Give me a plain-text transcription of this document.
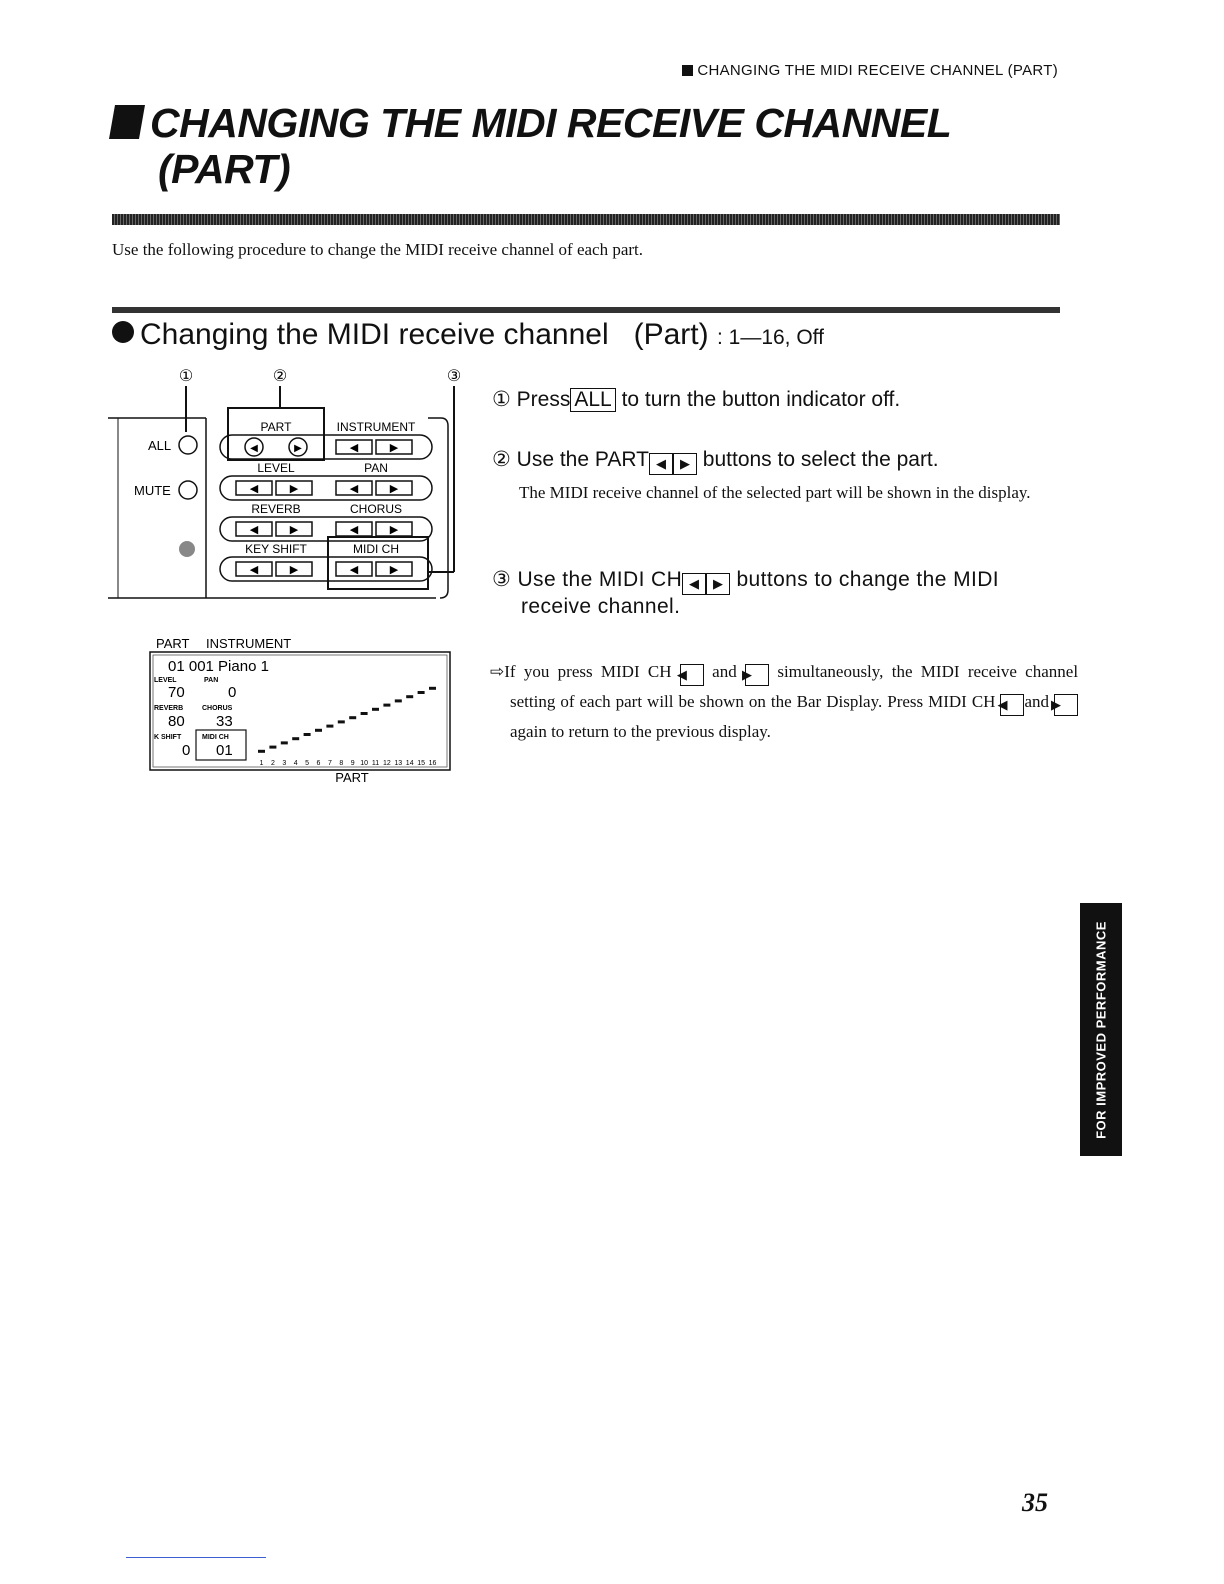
CHANGING THE MIDI RECEIVE CHANNEL (PART)
CHANGING THE MIDI RECEIVE CHANNEL
(PART)
Use the following procedure to change the MIDI receive channel of each part.
Changing the MIDI receive channel (Part) : 1—16, Off
①	②	③
ALL
MUTE
PART	INSTRUMENT
◀	▶	◀	▶
LEVEL	PAN
◀	▶	◀	▶
REVERB	CHORUS
◀	▶	◀	▶
KEY SHIFT	MIDI CH
◀	▶	◀	▶
PART INSTRUMENT
01 001 Piano 1
LEVEL	PAN
70	0
REVERB	CHORUS
80 33
K SHIFT	MIDI CH
0 01
1 2 3 4 5 6 7 8 9 10 11 12 13 14 15 16
PART
① Press ALL to turn the button indicator off.
② Use the PART ◀ ▶ buttons to select the part.
The MIDI receive channel of the selected part will be shown in the display.
③ Use the MIDI CH ◀ ▶ buttons to change the MIDI
receive channel.
⇨If you press MIDI CH ◀ and ▶ simultaneously, the MIDI receive channel setting of each part will be shown on the Bar Display. Press MIDI CH ◀ and ▶again to return to the previous display.
FOR IMPROVED PERFORMANCE
35
